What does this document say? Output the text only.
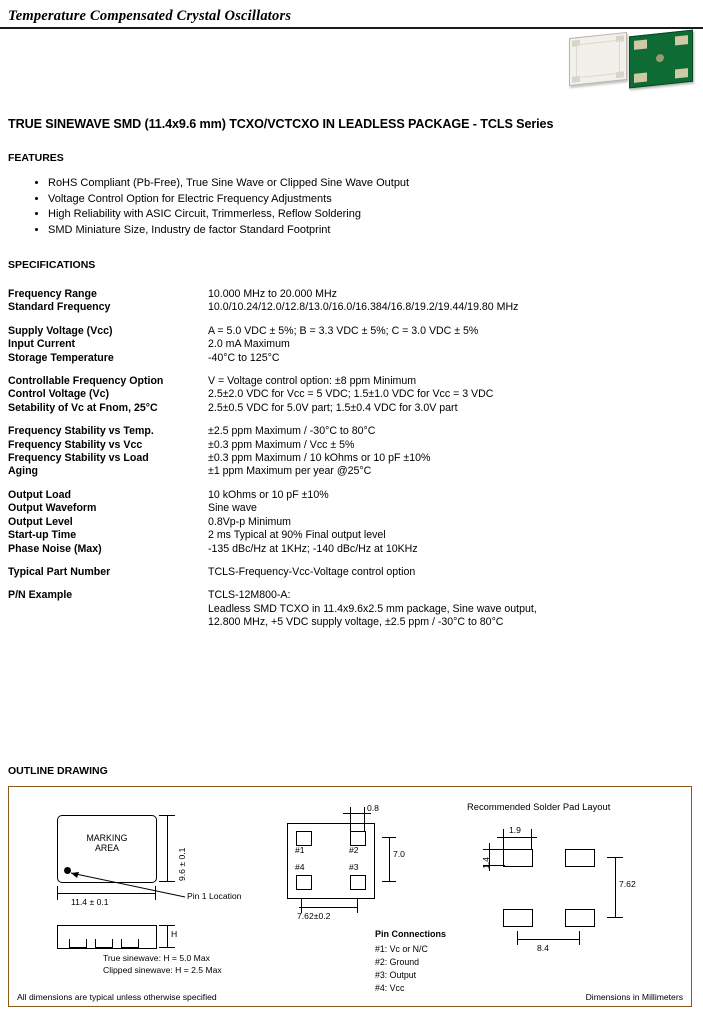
Temperature Compensated Crystal Oscillators
TRUE SINEWAVE SMD (11.4x9.6 mm) TCXO/VCTCXO IN LEADLESS PACKAGE - TCLS Series
FEATURES
• RoHS Compliant (Pb-Free), True Sine Wave or Clipped Sine Wave Output
• Voltage Control Option for Electric Frequency Adjustments
• High Reliability with ASIC Circuit, Trimmerless, Reflow Soldering
• SMD Miniature Size, Industry de factor Standard Footprint
SPECIFICATIONS
Frequency Range	10.000 MHz to 20.000 MHz
Standard Frequency	10.0/10.24/12.0/12.8/13.0/16.0/16.384/16.8/19.2/19.44/19.80 MHz

Supply Voltage (Vcc)	A = 5.0 VDC ± 5%; B = 3.3 VDC ± 5%; C = 3.0 VDC ± 5%
Input Current	2.0 mA Maximum
Storage Temperature	-40°C to 125°C

Controllable Frequency Option	V = Voltage control option: ±8 ppm Minimum
Control Voltage (Vc)	2.5±2.0 VDC for Vcc = 5 VDC; 1.5±1.0 VDC for Vcc = 3 VDC
Setability of Vc at Fnom, 25°C	2.5±0.5 VDC for 5.0V part; 1.5±0.4 VDC for 3.0V part

Frequency Stability vs Temp.	±2.5 ppm Maximum / -30°C to 80°C
Frequency Stability vs Vcc	±0.3 ppm Maximum / Vcc ± 5%
Frequency Stability vs Load	±0.3 ppm Maximum / 10 kOhms or 10 pF ±10%
Aging	±1 ppm Maximum per year @25°C

Output Load	10 kOhms or 10 pF ±10%
Output Waveform	Sine wave
Output Level	0.8Vp-p Minimum
Start-up Time	2 ms Typical at 90% Final output level
Phase Noise (Max)	-135 dBc/Hz at 1KHz; -140 dBc/Hz at 10KHz

Typical Part Number	TCLS-Frequency-Vcc-Voltage control option

P/N Example	TCLS-12M800-A:
Leadless SMD TCXO in 11.4x9.6x2.5 mm package, Sine wave output,
12.800 MHz, +5 VDC supply voltage, ±2.5 ppm / -30°C to 80°C
OUTLINE DRAWING
MARKING
AREA	9.6 ± 0.1
11.4 ± 0.1
Pin 1 Location
H
True sinewave: H = 5.0 Max
Clipped sinewave: H = 2.5 Max
#1	#2
#4	#3
0.8
7.0
7.62±0.2
Pin Connections
#1: Vc or N/C
#2: Ground
#3: Output
#4: Vcc
Recommended Solder Pad Layout
1.9
1.4
7.62
8.4
All dimensions are typical unless otherwise specified	Dimensions in Millimeters
